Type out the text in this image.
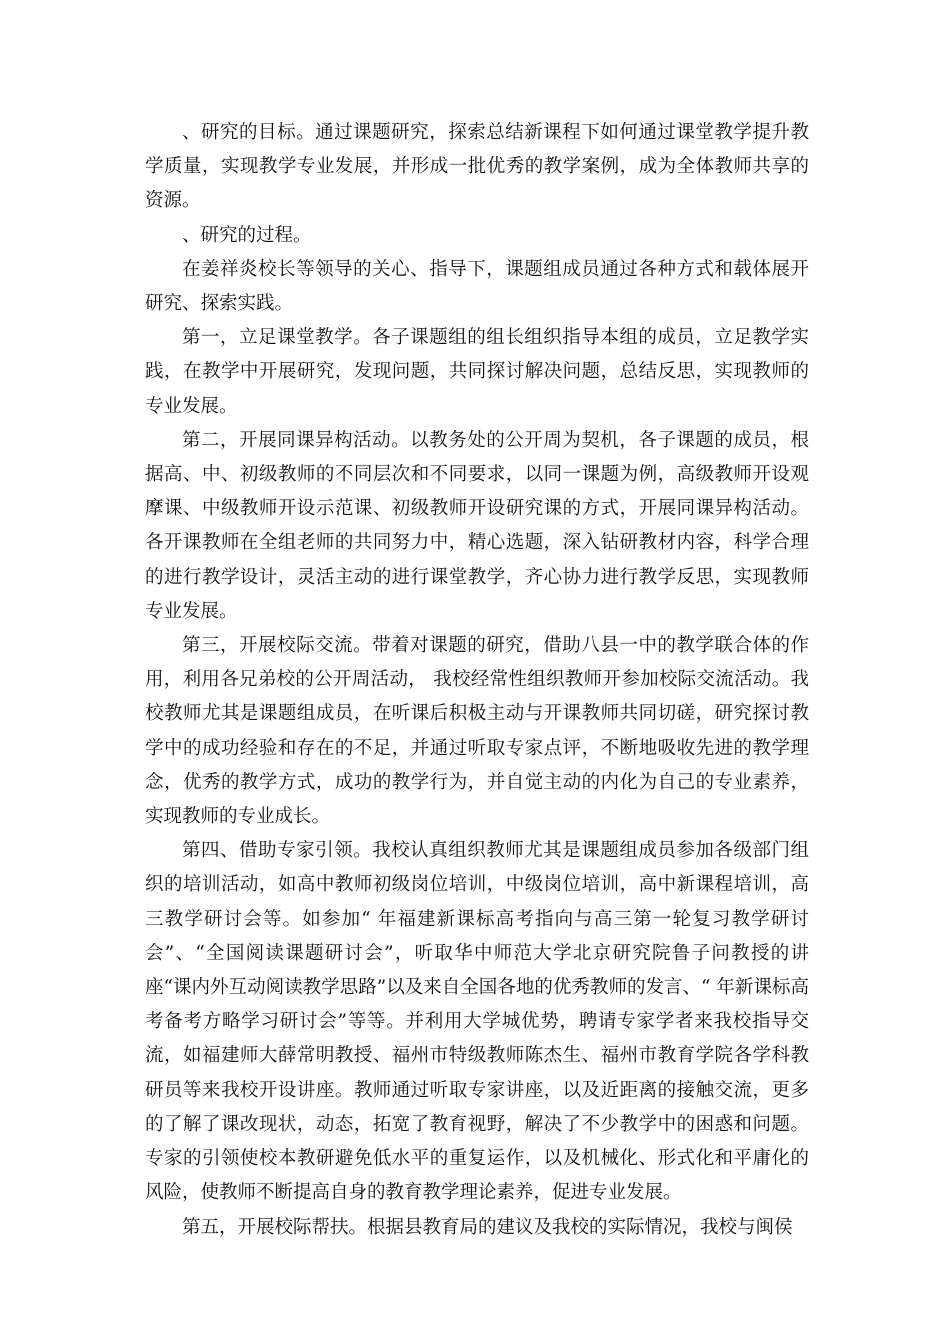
、研究的目标。通过课题研究，探索总结新课程下如何通过课堂教学提升教学质量，实现教学专业发展，并形成一批优秀的教学案例，成为全体教师共享的资源。

、研究的过程。

在姜祥炎校长等领导的关心、指导下，课题组成员通过各种方式和载体展开研究、探索实践。

第一，立足课堂教学。各子课题组的组长组织指导本组的成员，立足教学实践，在教学中开展研究，发现问题，共同探讨解决问题，总结反思，实现教师的专业发展。

第二，开展同课异构活动。以教务处的公开周为契机，各子课题的成员，根据高、中、初级教师的不同层次和不同要求，以同一课题为例，高级教师开设观摩课、中级教师开设示范课、初级教师开设研究课的方式，开展同课异构活动。各开课教师在全组老师的共同努力中，精心选题，深入钻研教材内容，科学合理的进行教学设计，灵活主动的进行课堂教学，齐心协力进行教学反思，实现教师专业发展。

第三，开展校际交流。带着对课题的研究，借助八县一中的教学联合体的作用，利用各兄弟校的公开周活动， 我校经常性组织教师开参加校际交流活动。我校教师尤其是课题组成员，在听课后积极主动与开课教师共同切磋，研究探讨教学中的成功经验和存在的不足，并通过听取专家点评，不断地吸收先进的教学理念，优秀的教学方式，成功的教学行为，并自觉主动的内化为自己的专业素养，实现教师的专业成长。

第四、借助专家引领。我校认真组织教师尤其是课题组成员参加各级部门组织的培训活动，如高中教师初级岗位培训，中级岗位培训，高中新课程培训，高三教学研讨会等。如参加“ 年福建新课标高考指向与高三第一轮复习教学研讨会”、“全国阅读课题研讨会”，听取华中师范大学北京研究院鲁子问教授的讲座“课内外互动阅读教学思路”以及来自全国各地的优秀教师的发言、“ 年新课标高考备考方略学习研讨会”等等。并利用大学城优势，聘请专家学者来我校指导交流，如福建师大薛常明教授、福州市特级教师陈杰生、福州市教育学院各学科教研员等来我校开设讲座。教师通过听取专家讲座，以及近距离的接触交流，更多的了解了课改现状，动态，拓宽了教育视野，解决了不少教学中的困惑和问题。专家的引领使校本教研避免低水平的重复运作，以及机械化、形式化和平庸化的风险，使教师不断提高自身的教育教学理论素养，促进专业发展。

第五，开展校际帮扶。根据县教育局的建议及我校的实际情况，我校与闽侯
